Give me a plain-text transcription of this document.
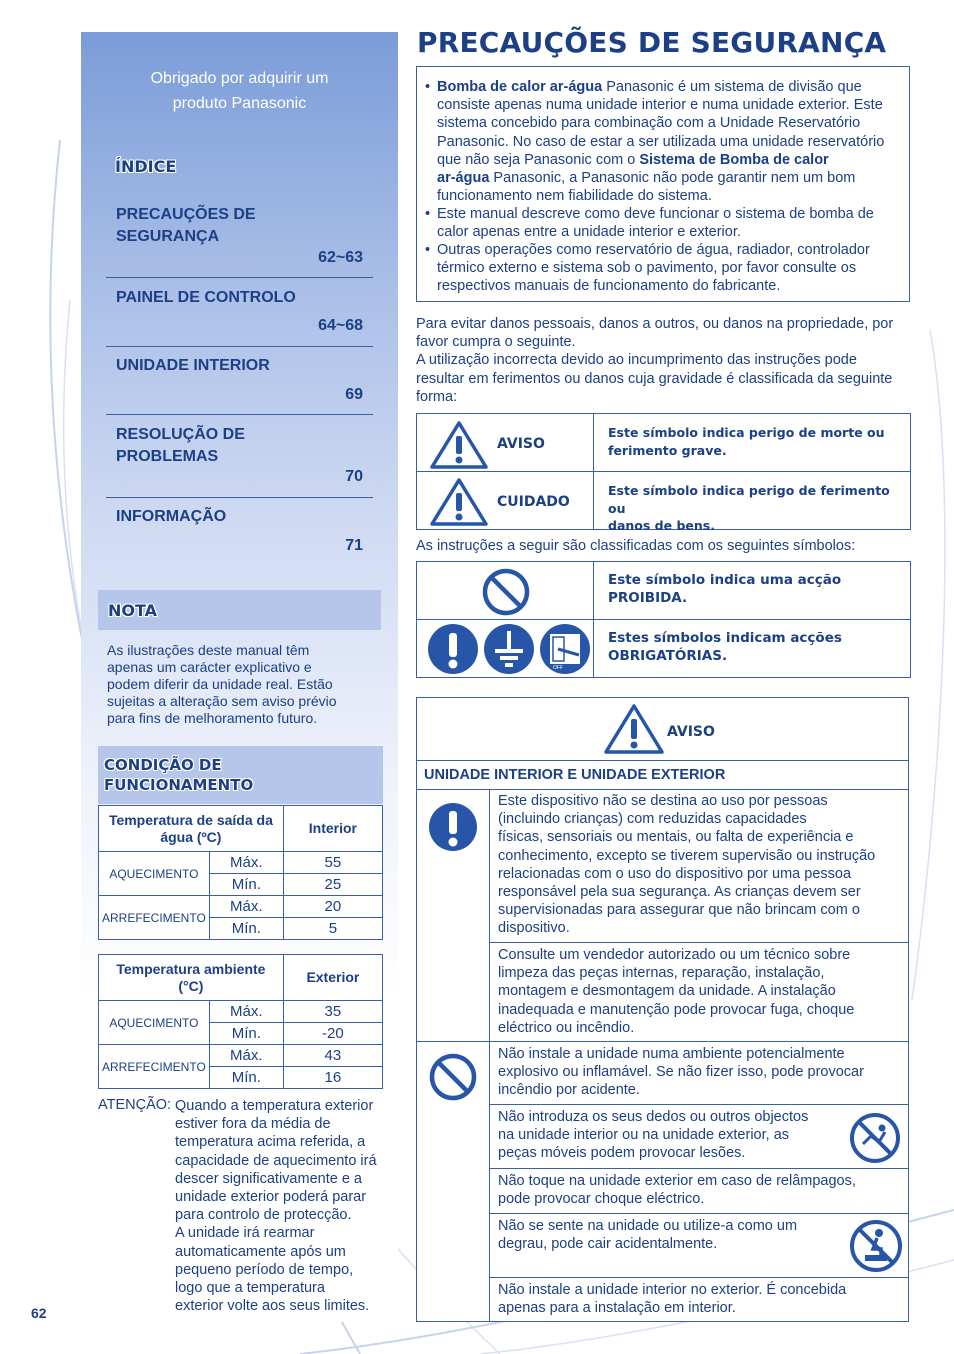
Obrigado por adquirir um
produto Panasonic
ÍNDICE
PRECAUÇÕES DE
SEGURANÇA
62~63
PAINEL DE CONTROLO
64~68
UNIDADE INTERIOR
69
RESOLUÇÃO DE
PROBLEMAS
70
INFORMAÇÃO
71
NOTA
As ilustrações deste manual têm
apenas um carácter explicativo e
podem diferir da unidade real. Estão
sujeitas a alteração sem aviso prévio
para fins de melhoramento futuro.
CONDIÇÃO DE
FUNCIONAMENTO
Temperatura de saída da água (ºC)		Interior
AQUECIMENTO	Máx.	55
	Mín.	25
ARREFECIMENTO	Máx.	20
	Mín.	5
Temperatura ambiente (°C)		Exterior
AQUECIMENTO	Máx.	35
	Mín.	-20
ARREFECIMENTO	Máx.	43
	Mín.	16
ATENÇÃO: Quando a temperatura exterior
estiver fora da média de
temperatura acima referida, a
capacidade de aquecimento irá
descer significativamente e a
unidade exterior poderá parar
para controlo de protecção.
A unidade irá rearmar
automaticamente após um
pequeno período de tempo,
logo que a temperatura
exterior volte aos seus limites.
62
PRECAUÇÕES DE SEGURANÇA
• Bomba de calor ar-água Panasonic é um sistema de divisão que
consiste apenas numa unidade interior e numa unidade exterior. Este
sistema concebido para combinação com a Unidade Reservatório
Panasonic. No caso de estar a ser utilizada uma unidade reservatório
que não seja Panasonic com o Sistema de Bomba de calor
ar-água Panasonic, a Panasonic não pode garantir nem um bom
funcionamento nem fiabilidade do sistema.
• Este manual descreve como deve funcionar o sistema de bomba de
calor apenas entre a unidade interior e exterior.
• Outras operações como reservatório de água, radiador, controlador
térmico externo e sistema sob o pavimento, por favor consulte os
respectivos manuais de funcionamento do fabricante.
Para evitar danos pessoais, danos a outros, ou danos na propriedade, por
favor cumpra o seguinte.
A utilização incorrecta devido ao incumprimento das instruções pode
resultar em ferimentos ou danos cuja gravidade é classificada da seguinte
forma:
AVISO
Este símbolo indica perigo de morte ou
ferimento grave.
CUIDADO
Este símbolo indica perigo de ferimento ou
danos de bens.
As instruções a seguir são classificadas com os seguintes símbolos:
Este símbolo indica uma acção
PROIBIDA.
OFF
Estes símbolos indicam acções
OBRIGATÓRIAS.
AVISO
UNIDADE INTERIOR E UNIDADE EXTERIOR
Este dispositivo não se destina ao uso por pessoas
(incluindo crianças) com reduzidas capacidades
físicas, sensoriais ou mentais, ou falta de experiência e
conhecimento, excepto se tiverem supervisão ou instrução
relacionadas com o uso do dispositivo por uma pessoa
responsável pela sua segurança. As crianças devem ser
supervisionadas para assegurar que não brincam com o
dispositivo.
Consulte um vendedor autorizado ou um técnico sobre
limpeza das peças internas, reparação, instalação,
montagem e desmontagem da unidade. A instalação
inadequada e manutenção pode provocar fuga, choque
eléctrico ou incêndio.
Não instale a unidade numa ambiente potencialmente
explosivo ou inflamável. Se não fizer isso, pode provocar
incêndio por acidente.
Não introduza os seus dedos ou outros objectos
na unidade interior ou na unidade exterior, as
peças móveis podem provocar lesões.
Não toque na unidade exterior em caso de relâmpagos,
pode provocar choque eléctrico.
Não se sente na unidade ou utilize-a como um
degrau, pode cair acidentalmente.
Não instale a unidade interior no exterior. É concebida
apenas para a instalação em interior.
